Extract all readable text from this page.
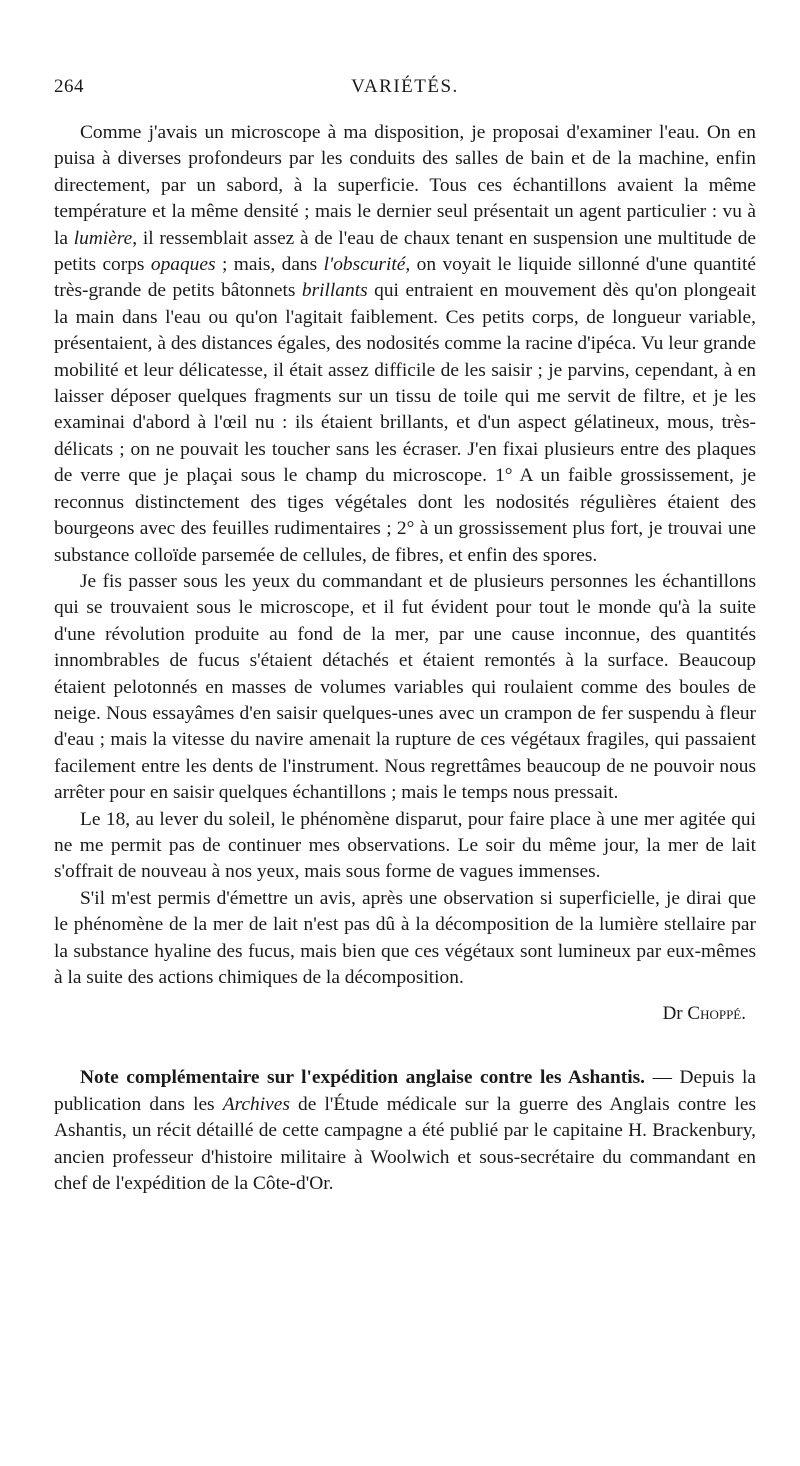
264	VARIÉTÉS.

Comme j'avais un microscope à ma disposition, je proposai d'examiner l'eau. On en puisa à diverses profondeurs par les conduits des salles de bain et de la machine, enfin directement, par un sabord, à la superficie. Tous ces échantillons avaient la même température et la même densité ; mais le dernier seul présentait un agent particulier : vu à la lumière, il ressemblait assez à de l'eau de chaux tenant en suspension une multitude de petits corps opaques ; mais, dans l'obscurité, on voyait le liquide sillonné d'une quantité très-grande de petits bâtonnets brillants qui entraient en mouvement dès qu'on plongeait la main dans l'eau ou qu'on l'agitait faiblement. Ces petits corps, de longueur variable, présentaient, à des distances égales, des nodosités comme la racine d'ipéca. Vu leur grande mobilité et leur délicatesse, il était assez difficile de les saisir ; je parvins, cependant, à en laisser déposer quelques fragments sur un tissu de toile qui me servit de filtre, et je les examinai d'abord à l'œil nu : ils étaient brillants, et d'un aspect gélatineux, mous, très-délicats ; on ne pouvait les toucher sans les écraser. J'en fixai plusieurs entre des plaques de verre que je plaçai sous le champ du microscope. 1° A un faible grossissement, je reconnus distinctement des tiges végétales dont les nodosités régulières étaient des bourgeons avec des feuilles rudimentaires ; 2° à un grossissement plus fort, je trouvai une substance colloïde parsemée de cellules, de fibres, et enfin des spores.

Je fis passer sous les yeux du commandant et de plusieurs personnes les échantillons qui se trouvaient sous le microscope, et il fut évident pour tout le monde qu'à la suite d'une révolution produite au fond de la mer, par une cause inconnue, des quantités innombrables de fucus s'étaient détachés et étaient remontés à la surface. Beaucoup étaient pelotonnés en masses de volumes variables qui roulaient comme des boules de neige. Nous essayâmes d'en saisir quelques-unes avec un crampon de fer suspendu à fleur d'eau ; mais la vitesse du navire amenait la rupture de ces végétaux fragiles, qui passaient facilement entre les dents de l'instrument. Nous regrettâmes beaucoup de ne pouvoir nous arrêter pour en saisir quelques échantillons ; mais le temps nous pressait.

Le 18, au lever du soleil, le phénomène disparut, pour faire place à une mer agitée qui ne me permit pas de continuer mes observations. Le soir du même jour, la mer de lait s'offrait de nouveau à nos yeux, mais sous forme de vagues immenses.

S'il m'est permis d'émettre un avis, après une observation si superficielle, je dirai que le phénomène de la mer de lait n'est pas dû à la décomposition de la lumière stellaire par la substance hyaline des fucus, mais bien que ces végétaux sont lumineux par eux-mêmes à la suite des actions chimiques de la décomposition.

Dr Choppé.

Note complémentaire sur l'expédition anglaise contre les Ashantis. — Depuis la publication dans les Archives de l'Étude médicale sur la guerre des Anglais contre les Ashantis, un récit détaillé de cette campagne a été publié par le capitaine H. Brackenbury, ancien professeur d'histoire militaire à Woolwich et sous-secrétaire du commandant en chef de l'expédition de la Côte-d'Or.
